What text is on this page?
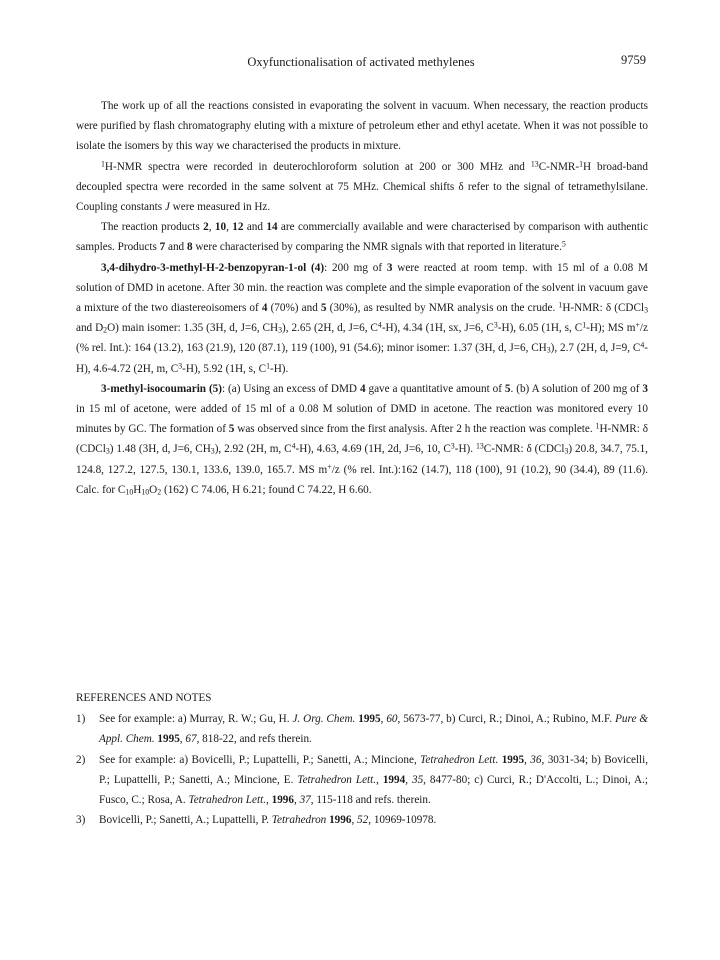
Oxyfunctionalisation of activated methylenes	9759

The work up of all the reactions consisted in evaporating the solvent in vacuum. When necessary, the reaction products were purified by flash chromatography eluting with a mixture of petroleum ether and ethyl acetate. When it was not possible to isolate the isomers by this way we characterised the products in mixture.

$^1$H-NMR spectra were recorded in deuterochloroform solution at 200 or 300 MHz and $^{13}$C-NMR-$^1$H broad-band decoupled spectra were recorded in the same solvent at 75 MHz. Chemical shifts δ refer to the signal of tetramethylsilane. Coupling constants J were measured in Hz.

The reaction products 2, 10, 12 and 14 are commercially available and were characterised by comparison with authentic samples. Products 7 and 8 were characterised by comparing the NMR signals with that reported in literature.$^5$

3,4-dihydro-3-methyl-H-2-benzopyran-1-ol (4): 200 mg of 3 were reacted at room temp. with 15 ml of a 0.08 M solution of DMD in acetone. After 30 min. the reaction was complete and the simple evaporation of the solvent in vacuum gave a mixture of the two diastereoisomers of 4 (70%) and 5 (30%), as resulted by NMR analysis on the crude. $^1$H-NMR: δ (CDCl$_3$ and $D_2O$) main isomer: 1.35 (3H, d, J=6, $CH_3$), 2.65 (2H, d, J=6, $C^4-H$), 4.34 (1H, sx, J=6, $C^3-H$), 6.05 (1H, s, $C^1-H$); MS m+/z (% rel. Int.): 164 (13.2), 163 (21.9), 120 (87.1), 119 (100), 91 (54.6); minor isomer: 1.37 (3H, d, J=6, $CH_3$), 2.7 (2H, d, J=9, $C^4-H$), 4.6-4.72 (2H, m, $C^3-H$), 5.92 (1H, s, $C^1-H$).

3-methyl-isocoumarin (5): (a) Using an excess of DMD 4 gave a quantitative amount of 5. (b) A solution of 200 mg of 3 in 15 ml of acetone, were added of 15 ml of a 0.08 M solution of DMD in acetone. The reaction was monitored every 10 minutes by GC. The formation of 5 was observed since from the first analysis. After 2 h the reaction was complete. $^1$H-NMR: δ (CDCl$_3$) 1.48 (3H, d, J=6, $CH_3$), 2.92 (2H, m, $C^4-H$), 4.63, 4.69 (1H, 2d, J=6, 10, $C^3-H$). $^{13}$C-NMR: δ (CDCl$_3$) 20.8, 34.7, 75.1, 124.8, 127.2, 127.5, 130.1, 133.6, 139.0, 165.7. MS m+/z (% rel. Int.):162 (14.7), 118 (100), 91 (10.2), 90 (34.4), 89 (11.6). Calc. for $C_{10}H_{10}O_2$ (162) C 74.06, H 6.21; found C 74.22, H 6.60.

REFERENCES AND NOTES
1)	See for example: a) Murray, R. W.; Gu, H. J. Org. Chem. 1995, 60, 5673-77, b) Curci, R.; Dinoi, A.; Rubino, M.F. Pure & Appl. Chem. 1995, 67, 818-22, and refs therein.
2)	See for example: a) Bovicelli, P.; Lupattelli, P.; Sanetti, A.; Mincione, Tetrahedron Lett. 1995, 36, 3031-34; b) Bovicelli, P.; Lupattelli, P.; Sanetti, A.; Mincione, E. Tetrahedron Lett., 1994, 35, 8477-80; c) Curci, R.; D'Accolti, L.; Dinoi, A.; Fusco, C.; Rosa, A. Tetrahedron Lett., 1996, 37, 115-118 and refs. therein.
3)	Bovicelli, P.; Sanetti, A.; Lupattelli, P. Tetrahedron 1996, 52, 10969-10978.
